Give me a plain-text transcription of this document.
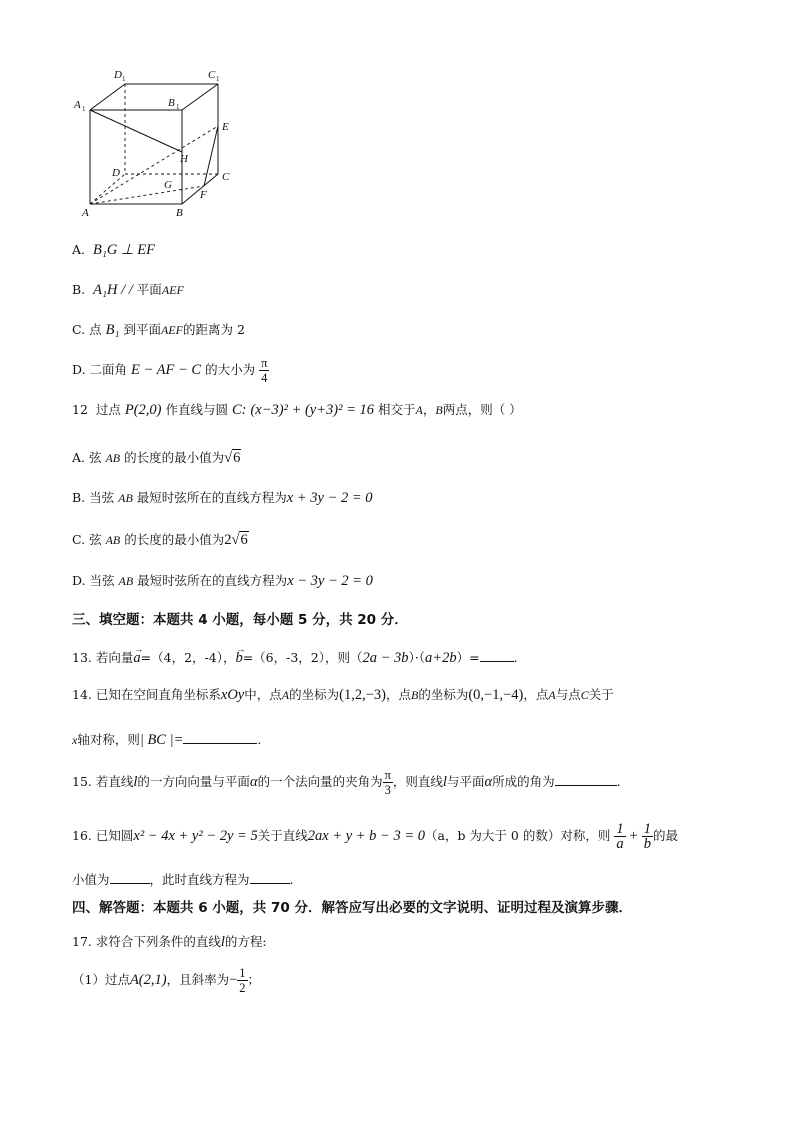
A 1
D 1	C 1
B 1
E
H
D
G
C
F
A	B
A. B₁G ⊥ EF
B. A₁H / / 平面AEF
C. 点 B₁ 到平面AEF的距离为 2
D. 二面角 E − AF − C 的大小为 $\frac{\pi}{4}$
12 过点 P(2,0) 作直线与圆 C: (x−3)² + (y+3)² = 16 相交于A，B两点，则（ ）
A. 弦 AB 的长度的最小值为√6
B. 当弦 AB 最短时弦所在的直线方程为x + 3y − 2 = 0
C. 弦 AB 的长度的最小值为2√6
D. 当弦 AB 最短时弦所在的直线方程为x − 3y − 2 = 0
三、填空题：本题共 4 小题，每小题 5 分，共 20 分．
13. 若向量
→
a=（4，2，-4），
→
b=（6，-3，2），则（2a − 3b）·（a+2b）=	.
14. 已知在空间直角坐标系xOy中，点A的坐标为(1,2,−3)，点B的坐标为(0,−1,−4)，点A与点C关于
x轴对称，则| BC |=	.
15. 若直线l的一方向向量与平面α的一个法向量的夹角为 $\frac{\pi}{3}$ ，则直线l与平面α所成的角为	.
16. 已知圆x² − 4x + y² − 2y = 5关于直线2ax + y + b − 3 = 0（a，b 为大于 0 的数）对称，则 $\frac{1}{a} + \frac{1}{b}$ 的最
小值为	，此时直线方程为	.
四、解答题：本题共 6 小题，共 70 分．解答应写出必要的文字说明、证明过程及演算步骤．
17. 求符合下列条件的直线l的方程:
（1）过点A(2,1)，且斜率为− $\frac{1}{2}$ ；
